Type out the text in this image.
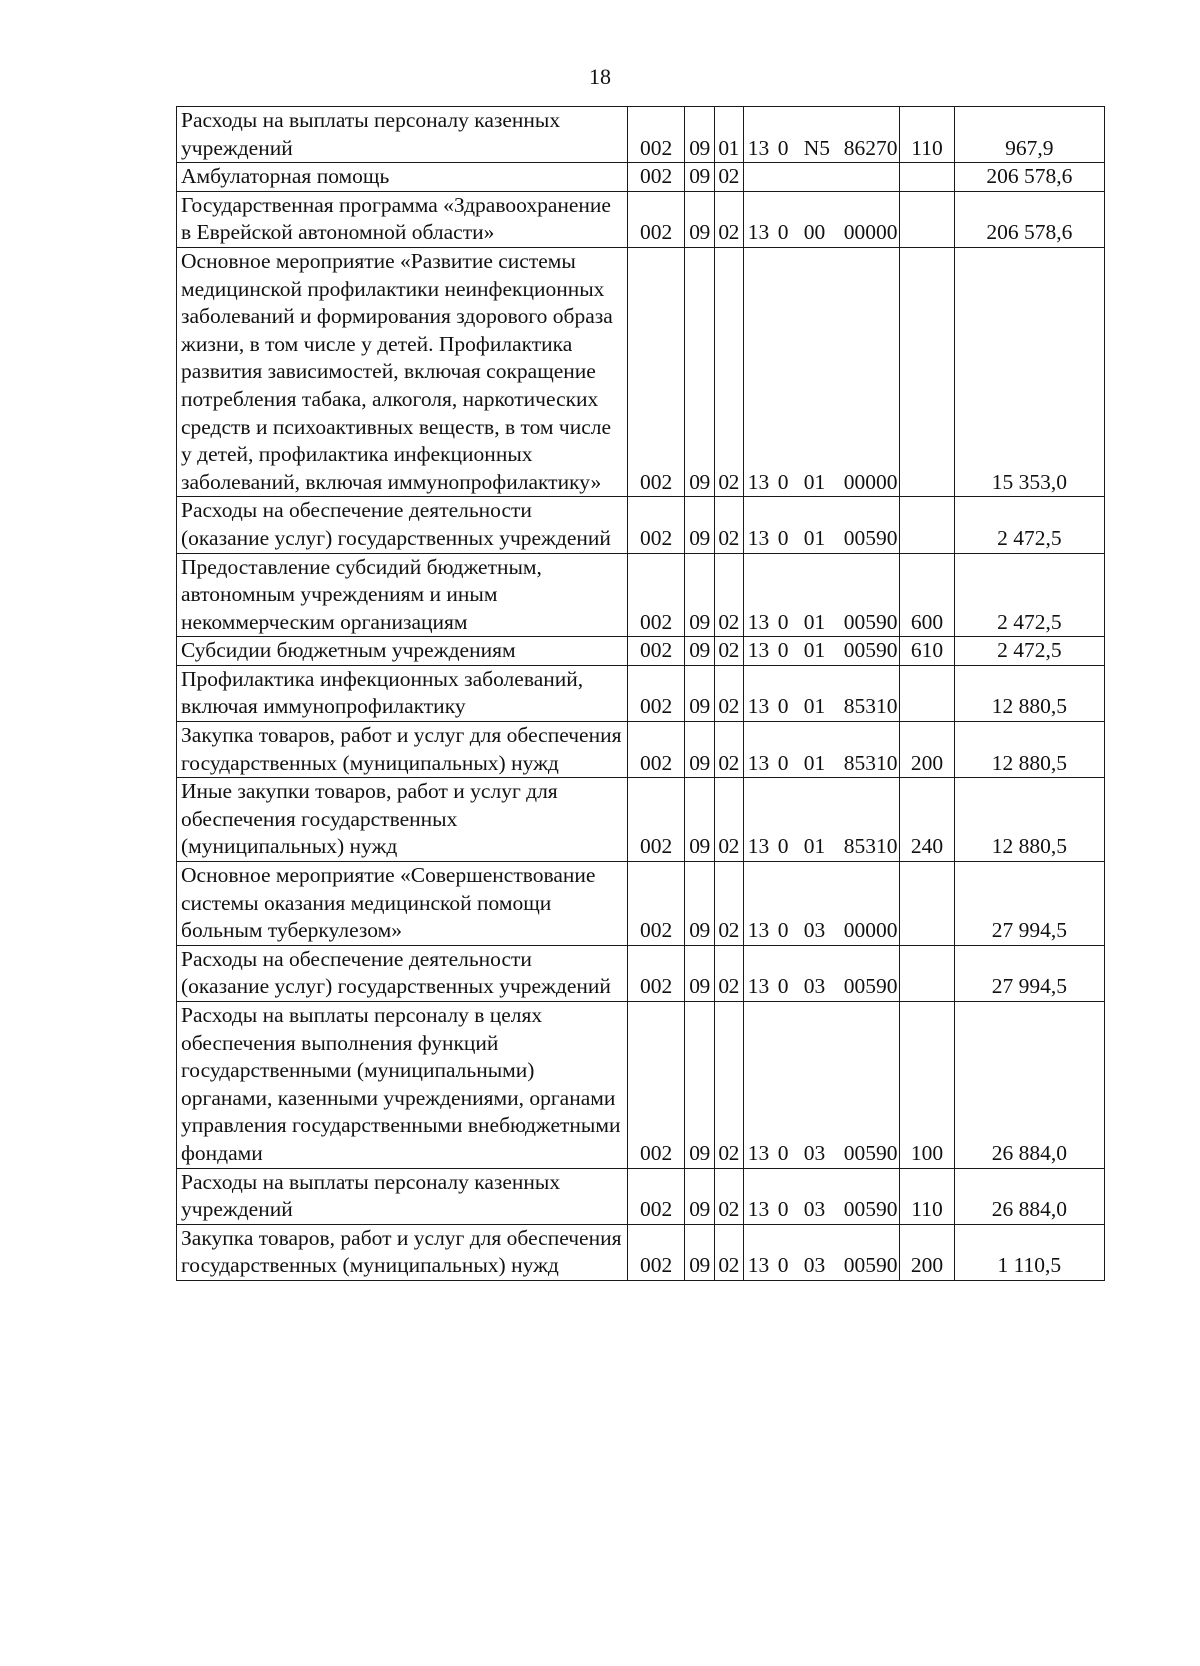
18
Расходы на выплаты персоналу казенных учреждений	002	09	01	13 0 N5 86270	110	967,9
Амбулаторная помощь	002	09	02			206 578,6
Государственная программа «Здравоохранение в Еврейской автономной области»	002	09	02	13 0 00 00000		206 578,6
Основное мероприятие «Развитие системы медицинской профилактики неинфекционных заболеваний и формирования здорового образа жизни, в том числе у детей. Профилактика развития зависимостей, включая сокращение потребления табака, алкоголя, наркотических средств и психоактивных веществ, в том числе у детей, профилактика инфекционных заболеваний, включая иммунопрофилактику»	002	09	02	13 0 01 00000		15 353,0
Расходы на обеспечение деятельности (оказание услуг) государственных учреждений	002	09	02	13 0 01 00590		2 472,5
Предоставление субсидий бюджетным, автономным учреждениям и иным некоммерческим организациям	002	09	02	13 0 01 00590	600	2 472,5
Субсидии бюджетным учреждениям	002	09	02	13 0 01 00590	610	2 472,5
Профилактика инфекционных заболеваний, включая иммунопрофилактику	002	09	02	13 0 01 85310		12 880,5
Закупка товаров, работ и услуг для обеспечения государственных (муниципальных) нужд	002	09	02	13 0 01 85310	200	12 880,5
Иные закупки товаров, работ и услуг для обеспечения государственных (муниципальных) нужд	002	09	02	13 0 01 85310	240	12 880,5
Основное мероприятие «Совершенствование системы оказания медицинской помощи больным туберкулезом»	002	09	02	13 0 03 00000		27 994,5
Расходы на обеспечение деятельности (оказание услуг) государственных учреждений	002	09	02	13 0 03 00590		27 994,5
Расходы на выплаты персоналу в целях обеспечения выполнения функций государственными (муниципальными) органами, казенными учреждениями, органами управления государственными внебюджетными фондами	002	09	02	13 0 03 00590	100	26 884,0
Расходы на выплаты персоналу казенных учреждений	002	09	02	13 0 03 00590	110	26 884,0
Закупка товаров, работ и услуг для обеспечения государственных (муниципальных) нужд	002	09	02	13 0 03 00590	200	1 110,5
